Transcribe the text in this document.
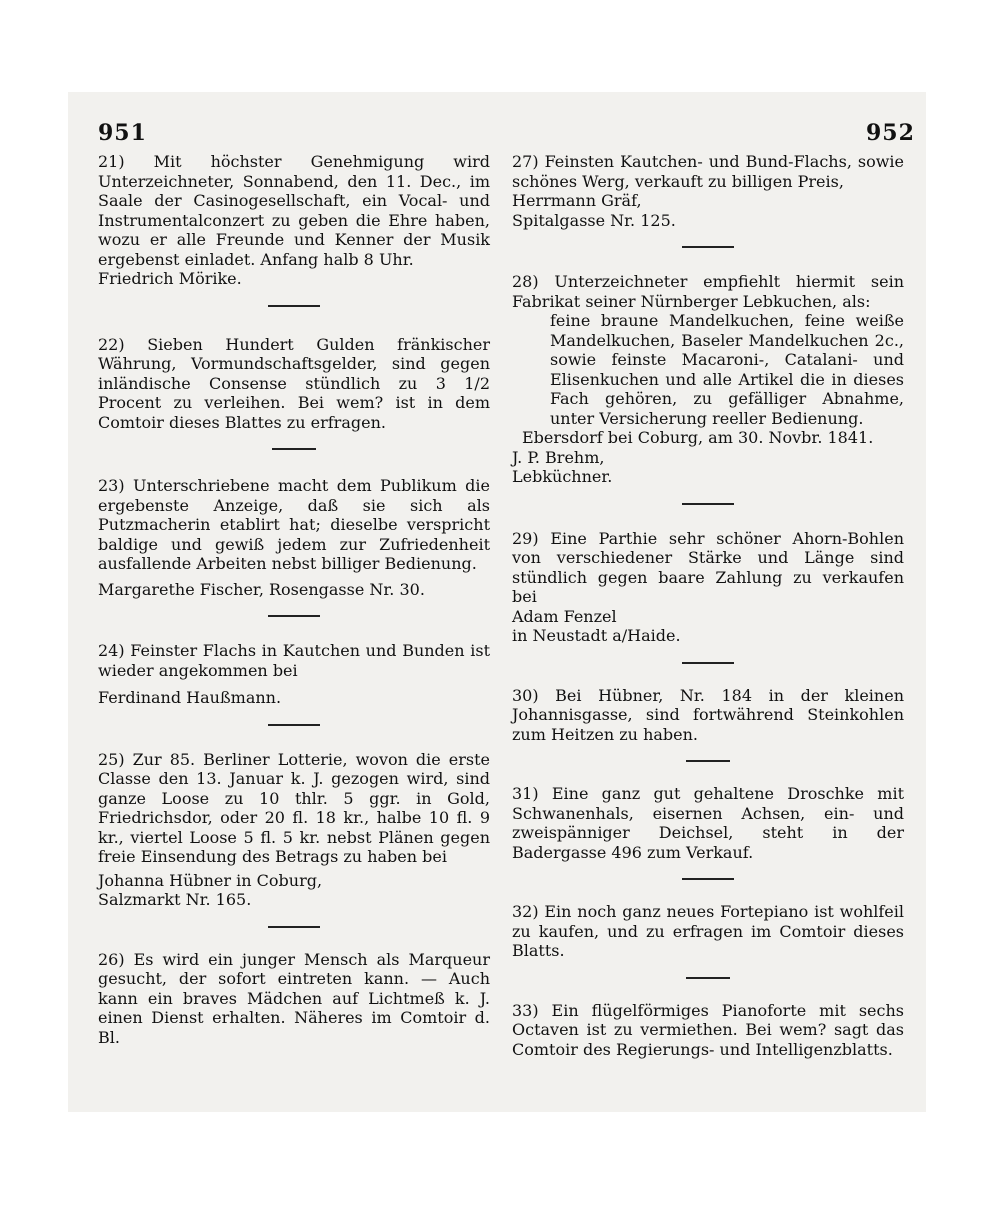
951	952

21) Mit höchster Genehmigung wird Unterzeichneter, Sonnabend, den 11. Dec., im Saale der Casinogesellschaft, ein Vocal- und Instrumentalconzert zu geben die Ehre haben, wozu er alle Freunde und Kenner der Musik ergebenst einladet. Anfang halb 8 Uhr.

Friedrich Mörike.

22) Sieben Hundert Gulden fränkischer Währung, Vormundschaftsgelder, sind gegen inländische Consense stündlich zu 3 1/2 Procent zu verleihen. Bei wem? ist in dem Comtoir dieses Blattes zu erfragen.

23) Unterschriebene macht dem Publikum die ergebenste Anzeige, daß sie sich als Putzmacherin etablirt hat; dieselbe verspricht baldige und gewiß jedem zur Zufriedenheit ausfallende Arbeiten nebst billiger Bedienung.

Margarethe Fischer, Rosengasse Nr. 30.

24) Feinster Flachs in Kautchen und Bunden ist wieder angekommen bei

Ferdinand Haußmann.

25) Zur 85. Berliner Lotterie, wovon die erste Classe den 13. Januar k. J. gezogen wird, sind ganze Loose zu 10 thlr. 5 ggr. in Gold, Friedrichsdor, oder 20 fl. 18 kr., halbe 10 fl. 9 kr., viertel Loose 5 fl. 5 kr. nebst Plänen gegen freie Einsendung des Betrags zu haben bei

Johanna Hübner in Coburg,

Salzmarkt Nr. 165.

26) Es wird ein junger Mensch als Marqueur gesucht, der sofort eintreten kann. — Auch kann ein braves Mädchen auf Lichtmeß k. J. einen Dienst erhalten. Näheres im Comtoir d. Bl.

27) Feinsten Kautchen- und Bund-Flachs, sowie schönes Werg, verkauft zu billigen Preis,

Herrmann Gräf,

Spitalgasse Nr. 125.

28) Unterzeichneter empfiehlt hiermit sein Fabrikat seiner Nürnberger Lebkuchen, als:

feine braune Mandelkuchen, feine weiße Mandelkuchen, Baseler Mandelkuchen 2c., sowie feinste Macaroni-, Catalani- und Elisenkuchen und alle Artikel die in dieses Fach gehören, zu gefälliger Abnahme, unter Versicherung reeller Bedienung.

Ebersdorf bei Coburg, am 30. Novbr. 1841.

J. P. Brehm,

Lebküchner.

29) Eine Parthie sehr schöner Ahorn-Bohlen von verschiedener Stärke und Länge sind stündlich gegen baare Zahlung zu verkaufen bei

Adam Fenzel

in Neustadt a/Haide.

30) Bei Hübner, Nr. 184 in der kleinen Johannisgasse, sind fortwährend Steinkohlen zum Heitzen zu haben.

31) Eine ganz gut gehaltene Droschke mit Schwanenhals, eisernen Achsen, ein- und zweispänniger Deichsel, steht in der Badergasse 496 zum Verkauf.

32) Ein noch ganz neues Fortepiano ist wohlfeil zu kaufen, und zu erfragen im Comtoir dieses Blatts.

33) Ein flügelförmiges Pianoforte mit sechs Octaven ist zu vermiethen. Bei wem? sagt das Comtoir des Regierungs- und Intelligenzblatts.
